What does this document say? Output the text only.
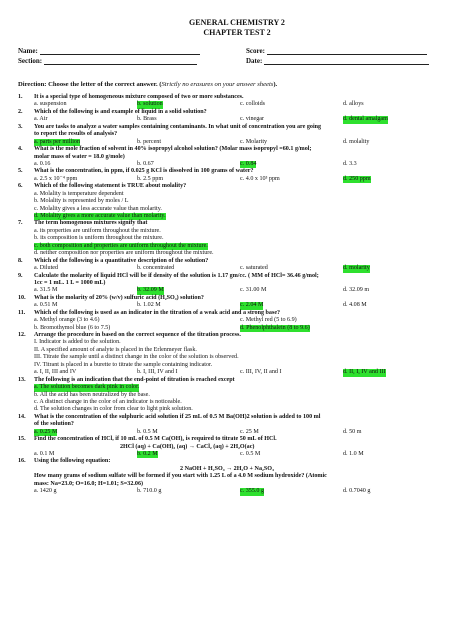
GENERAL CHEMISTRY 2
CHAPTER TEST 2
Name:
Section:
Score:
Date:
Direction: Choose the letter of the correct answer. (Strictly no erasures on your answer sheets).
1. It is a special type of homogeneous mixture composed of two or more substances.
a. suspension	b. solution	c. colloids	d. alloys
2. Which of the following is and example of liquid in a solid solution?
a. Air	b. Brass	c. vinegar	d. dental amalgam
3. You are tasks to analyze a water samples containing contaminants. In what unit of concentration you are going
to report the results of analysis?
a. parts per million	b. percent	c. Molarity	d. molality
4. What is the mole fraction of solvent in 40% isopropyl alcohol solution? (Molar mass isopropyl =60.1 g/mol;
molar mass of water = 18.0 g/mole)
a. 0.16	b. 0.67	c. 0.84	d. 3.3
5. What is the concentration, in ppm, if 0.025 g KCl is dissolved in 100 grams of water?
a. 2.5 x 10⁻⁴ ppm	b. 2.5 ppm	c. 4.0 x 10³ ppm	d. 250 ppm
6. Which of the following statement is TRUE about molality?
a. Molality is temperature dependent
b. Molality is represented by moles / L
c. Molality gives a less accurate value than molarity.
d. Molality gives a more accurate value than molarity.
7. The term homogenous mixtures signify that
a. its properties are uniform throughout the mixture.
b. its composition is uniform throughout the mixture.
c. both composition and properties are uniform throughout the mixture.
d. neither composition nor properties are uniform throughout the mixture.
8. Which of the following is a quantitative description of the solution?
a. Diluted	b. concentrated	c. saturated	d. molarity
9. Calculate the molarity of liquid HCl will be if density of the solution is 1.17 gm/cc. ( MM of HCl= 36.46 g/mol;
1cc = 1 mL. 1 L = 1000 mL)
a. 31.5 M	b. 32.09 M	c. 31.00 M	d. 32.09 m
10. What is the molarity of 20% (w/v) sulfuric acid (H₂SO₄) solution?
a. 0.51 M	b. 1.02 M	c. 2.04 M	d. 4.08 M
11. Which of the following is used as an indicator in the titration of a weak acid and a strong base?
a. Methyl orange (3 to 4.6)	c. Methyl red (5 to 6.9)
b. Bromothymol blue (6 to 7.5)	d. Phenolphthalein (8 to 9.6)
12. Arrange the procedure in based on the correct sequence of the titration process.
I. Indicator is added to the solution.
II. A specified amount of analyte is placed in the Erlenmeyer flask.
III. Titrate the sample until a distinct change in the color of the solution is observed.
IV. Titrant is placed in a burette to titrate the sample containing indicator.
a. I, II, III and IV	b. I, III, IV and I	c. III, IV, II and I	d. II, I, IV and III
13. The following is an indication that the end-point of titration is reached except
a. The solution becomes dark pink in color.
b. All the acid has been neutralized by the base.
c. A distinct change in the color of an indicator is noticeable.
d. The solution changes in color from clear to light pink solution.
14. What is the concentration of the sulphuric acid solution if 25 mL of 0.5 M Ba(OH)2 solution is added to 100 ml
of the solution?
a. 0.25 M	b. 0.5 M	c. 25 M	d. 50 m
15. Find the concentration of HCl, if 10 mL of 0.5 M Ca(OH)₂ is required to titrate 50 mL of HCl.
2HCl (aq) + Ca(OH)₂ (aq) → CaCl₂ (aq) + 2H₂O(ac)
a. 0.1 M	b. 0.2 M	c. 0.5 M	d. 1.0 M
16. Using the following equation:
2 NaOH + H₂SO₄ → 2H₂O + Na₂SO₄
How many grams of sodium sulfate will be formed if you start with 1.25 L of a 4.0 M sodium hydroxide? (Atomic
mass: Na=23.0; O=16.0; H=1.01; S=32.06)
a. 1420 g	b. 710.0 g	c. 355.0 g	d. 0.7040 g
